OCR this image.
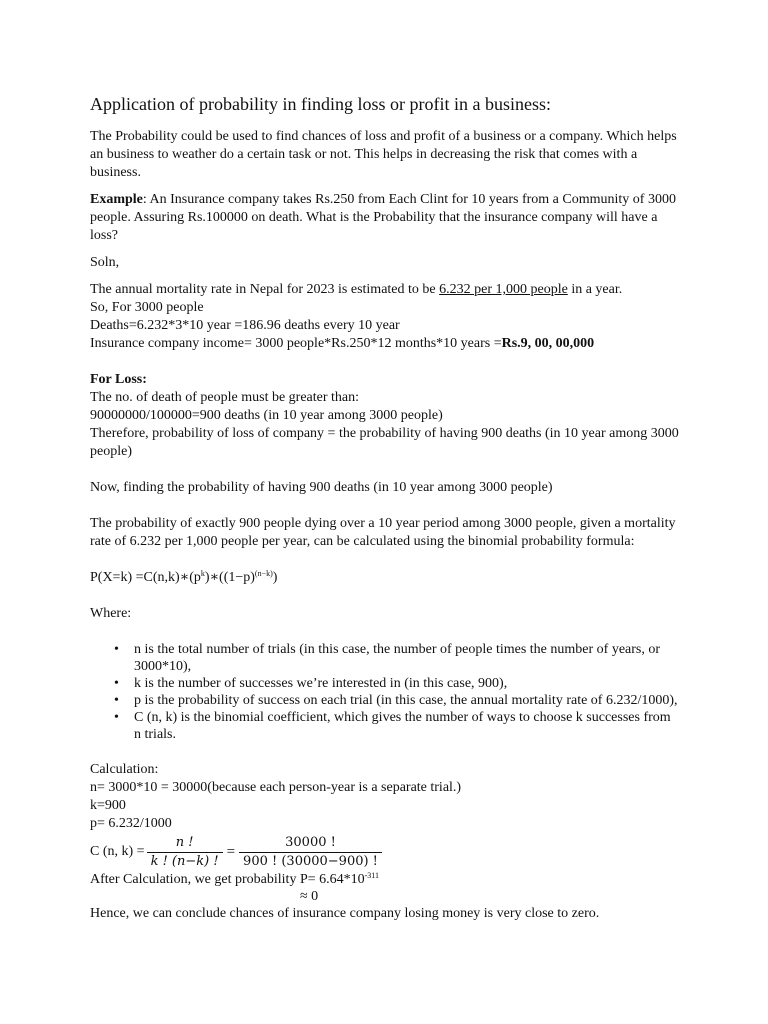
Application of probability in finding loss or profit in a business:

The Probability could be used to find chances of loss and profit of a business or a company. Which helps an business to weather do a certain task or not. This helps in decreasing the risk that comes with a business.

Example: An Insurance company takes Rs.250 from Each Clint for 10 years from a Community of 3000 people. Assuring Rs.100000 on death. What is the Probability that the insurance company will have a loss?

Soln,

The annual mortality rate in Nepal for 2023 is estimated to be 6.232 per 1,000 people in a year.

So, For 3000 people

Deaths=6.232*3*10 year =186.96 deaths every 10 year

Insurance company income= 3000 people*Rs.250*12 months*10 years =Rs.9, 00, 00,000

For Loss:

The no. of death of people must be greater than:

90000000/100000=900 deaths (in 10 year among 3000 people)

Therefore, probability of loss of company = the probability of having 900 deaths (in 10 year among 3000 people)

Now, finding the probability of having 900 deaths (in 10 year among 3000 people)

The probability of exactly 900 people dying over a 10 year period among 3000 people, given a mortality rate of 6.232 per 1,000 people per year, can be calculated using the binomial probability formula:

$P(X=k) =C(n,k)∗(p^k)∗((1-p)^{(n-k)})$

Where:

• n is the total number of trials (in this case, the number of people times the number of years, or 3000*10),
• k is the number of successes we’re interested in (in this case, 900),
• p is the probability of success on each trial (in this case, the annual mortality rate of 6.232/1000),
• C (n, k) is the binomial coefficient, which gives the number of ways to choose k successes from n trials.

Calculation:

n= 3000*10 = 30000(because each person-year is a separate trial.)

k=900

p= 6.232/1000

C (n, $k) = \frac{n !}{k ! (n-k) !} = \frac{30000 !}{900 ! (30000-900) !}$

After Calculation, we get probability $P= 6.64*10^{-311}$

≈ 0

Hence, we can conclude chances of insurance company losing money is very close to zero.
